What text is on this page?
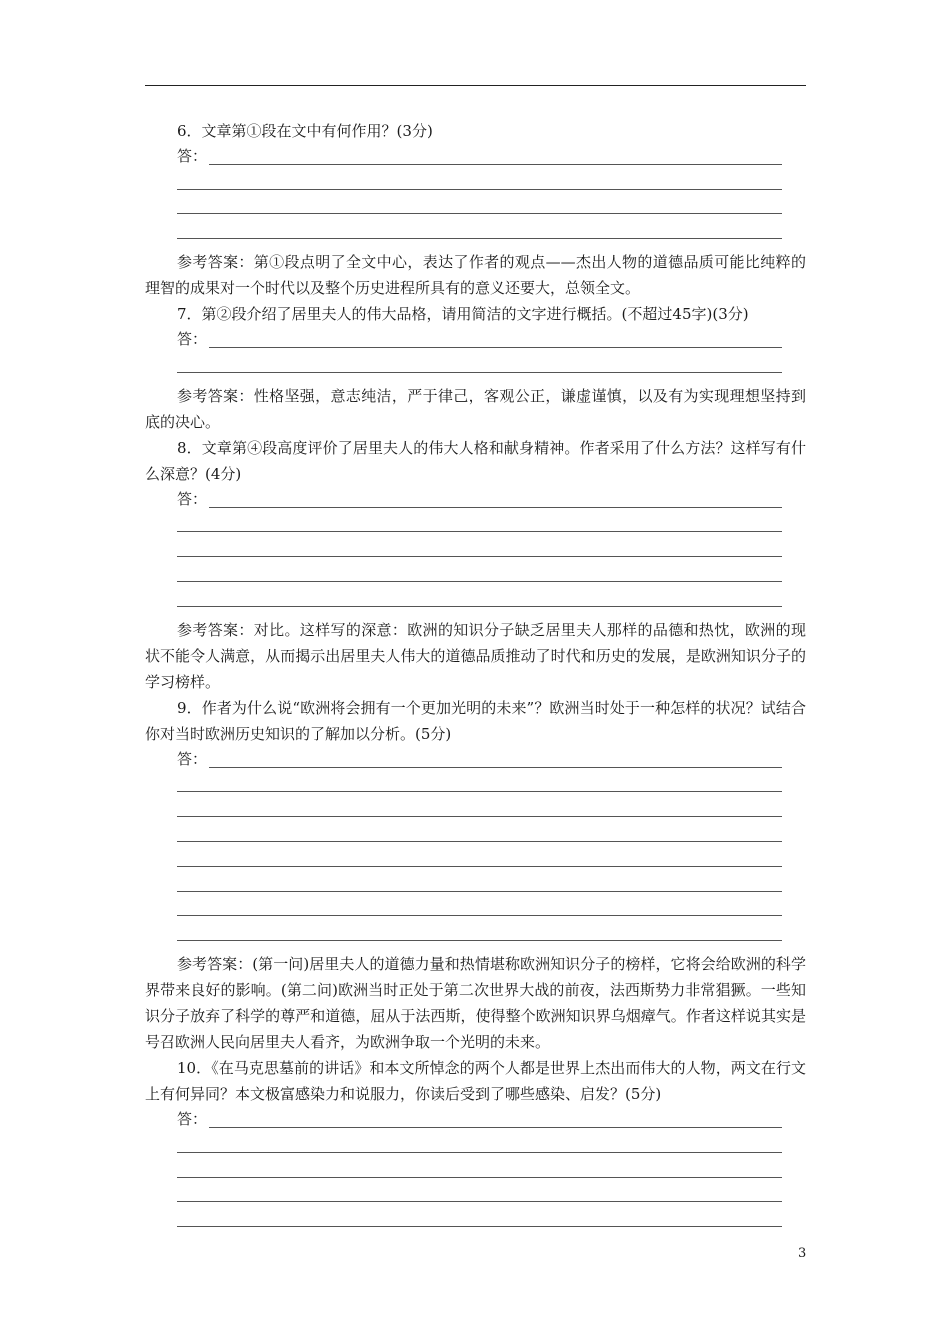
6．文章第①段在文中有何作用？(3分)

答：

参考答案：第①段点明了全文中心，表达了作者的观点——杰出人物的道德品质可能比纯粹的理智的成果对一个时代以及整个历史进程所具有的意义还要大，总领全文。

7．第②段介绍了居里夫人的伟大品格，请用简洁的文字进行概括。(不超过45字)(3分)

答：

参考答案：性格坚强，意志纯洁，严于律己，客观公正，谦虚谨慎，以及有为实现理想坚持到底的决心。

8．文章第④段高度评价了居里夫人的伟大人格和献身精神。作者采用了什么方法？这样写有什么深意？(4分)

答：

参考答案：对比。这样写的深意：欧洲的知识分子缺乏居里夫人那样的品德和热忱，欧洲的现状不能令人满意，从而揭示出居里夫人伟大的道德品质推动了时代和历史的发展，是欧洲知识分子的学习榜样。

9．作者为什么说“欧洲将会拥有一个更加光明的未来”？欧洲当时处于一种怎样的状况？试结合你对当时欧洲历史知识的了解加以分析。(5分)

答：

参考答案：(第一问)居里夫人的道德力量和热情堪称欧洲知识分子的榜样，它将会给欧洲的科学界带来良好的影响。(第二问)欧洲当时正处于第二次世界大战的前夜，法西斯势力非常猖獗。一些知识分子放弃了科学的尊严和道德，屈从于法西斯，使得整个欧洲知识界乌烟瘴气。作者这样说其实是号召欧洲人民向居里夫人看齐，为欧洲争取一个光明的未来。

10．《在马克思墓前的讲话》和本文所悼念的两个人都是世界上杰出而伟大的人物，两文在行文上有何异同？本文极富感染力和说服力，你读后受到了哪些感染、启发？(5分)

答：
3
